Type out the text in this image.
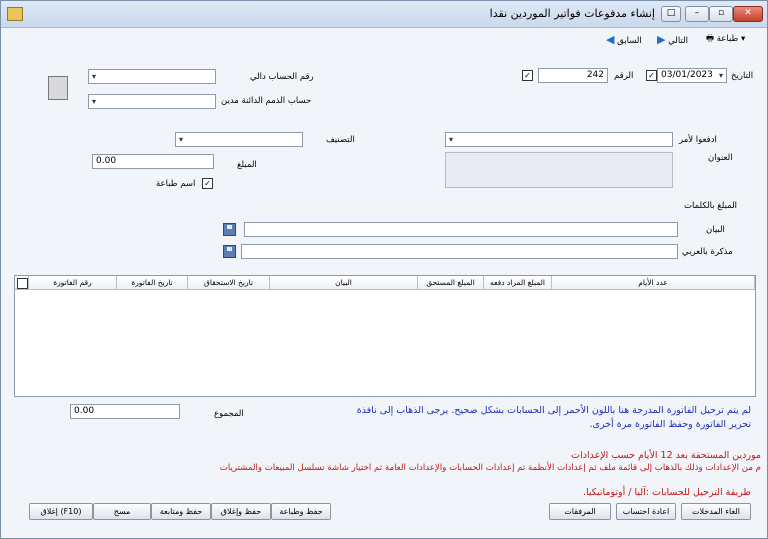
–	▫	✕
□
إنشاء مدفوعات فواتير الموردين نقدا
◀ السابق ▶ التالي 🖶 طباعة ▾
التاريخ
▾
03/01/2023
✓
الرقم
242
✓
رقم الحساب دالي
▾
حساب الذمم الدائنة مدين
▾
ادفعوا لأمر
▾
التصنيف
▾
العنوان
المبلغ
0.00
✓
اسم طباعة
المبلغ بالكلمات
البيان
مذكرة بالعربي
رقم الفاتورة	تاريخ الفاتورة	تاريخ الاستحقاق	البيان	المبلغ المستحق	المبلغ المراد دفعه	عدد الأيام
المجموع
0.00	لم يتم ترحيل الفاتورة المدرجة هنا باللون الأحمر إلى الحسابات بشكل صحيح. يرجى الذهاب إلى نافذة
تحرير الفاتورة وحفظ الفاتورة مرة أخرى.
موردين المستحقة بعد 12 الأيام حسب الإعدادات
م من الإعدادات وذلك بالذهاب إلى قائمة ملف ثم إعدادات الأنظمة ثم إعدادات الحسابات والإعدادات العامة ثم اختيار شاشة تسلسل المبيعات والمشتريات
طريقة الترحيل للحسابات :آليا / أوتوماتيكيا.
إغلاق (F10)	مسح	حفظ ومتابعة	حفظ وإغلاق	حفظ وطباعة	المرفقات	اعادة احتساب	الغاء المدخلات
